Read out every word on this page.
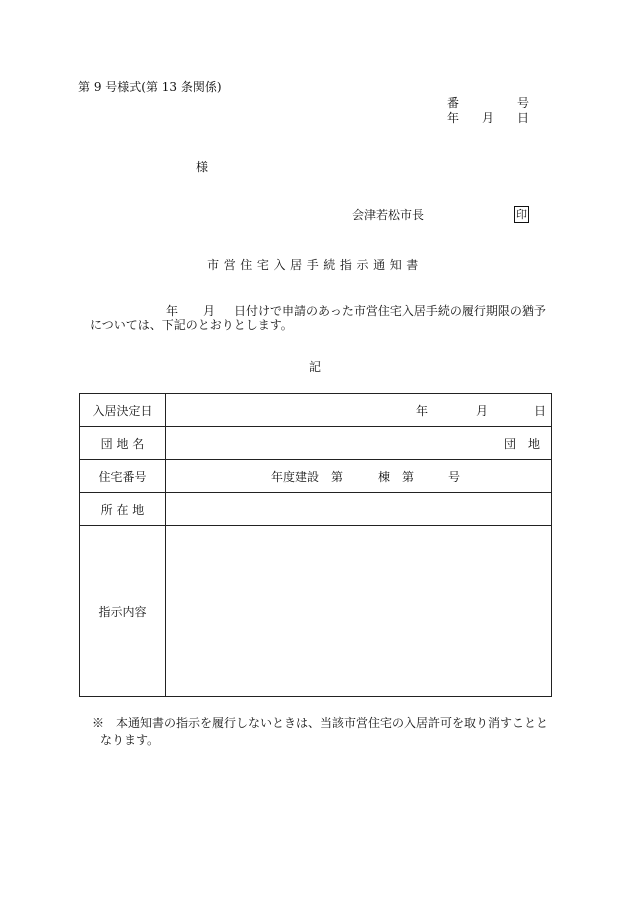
第 9 号様式(第 13 条関係)
番	号
年 月 日
様
会津若松市長	印
市営住宅入居手続指示通知書
年 月 日付けで申請のあった市営住宅入居手続の履行期限の猶予
については、下記のとおりとします。
記
入居決定日	年 月 日

団 地 名	団　地

住宅番号	年度建設　第 棟　第 号

所 在 地	
指示内容	
※　本通知書の指示を履行しないときは、当該市営住宅の入居許可を取り消すことと
なります。
